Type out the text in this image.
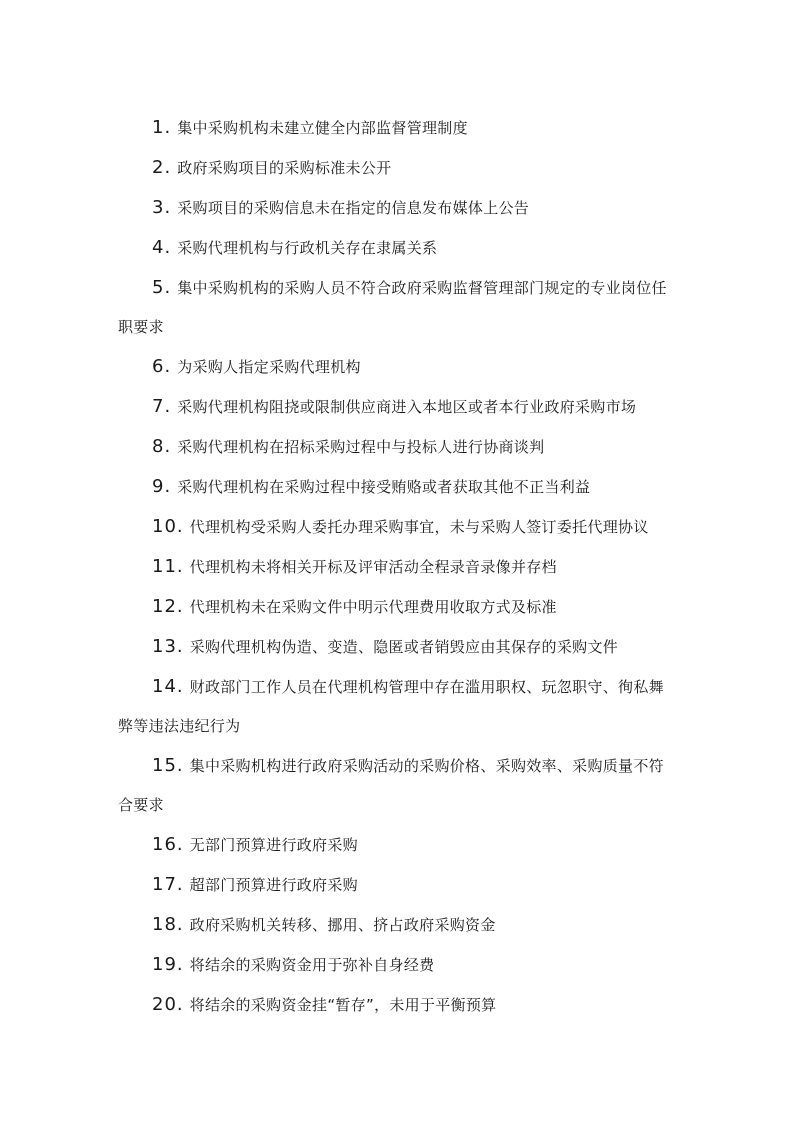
1. 集中采购机构未建立健全内部监督管理制度
2. 政府采购项目的采购标准未公开
3. 采购项目的采购信息未在指定的信息发布媒体上公告
4. 采购代理机构与行政机关存在隶属关系
5. 集中采购机构的采购人员不符合政府采购监督管理部门规定的专业岗位任职要求
6. 为采购人指定采购代理机构
7. 采购代理机构阻挠或限制供应商进入本地区或者本行业政府采购市场
8. 采购代理机构在招标采购过程中与投标人进行协商谈判
9. 采购代理机构在采购过程中接受贿赂或者获取其他不正当利益
10. 代理机构受采购人委托办理采购事宜，未与采购人签订委托代理协议
11. 代理机构未将相关开标及评审活动全程录音录像并存档
12. 代理机构未在采购文件中明示代理费用收取方式及标准
13. 采购代理机构伪造、变造、隐匿或者销毁应由其保存的采购文件
14. 财政部门工作人员在代理机构管理中存在滥用职权、玩忽职守、徇私舞弊等违法违纪行为
15. 集中采购机构进行政府采购活动的采购价格、采购效率、采购质量不符合要求
16. 无部门预算进行政府采购
17. 超部门预算进行政府采购
18. 政府采购机关转移、挪用、挤占政府采购资金
19. 将结余的采购资金用于弥补自身经费
20. 将结余的采购资金挂“暂存”，未用于平衡预算
